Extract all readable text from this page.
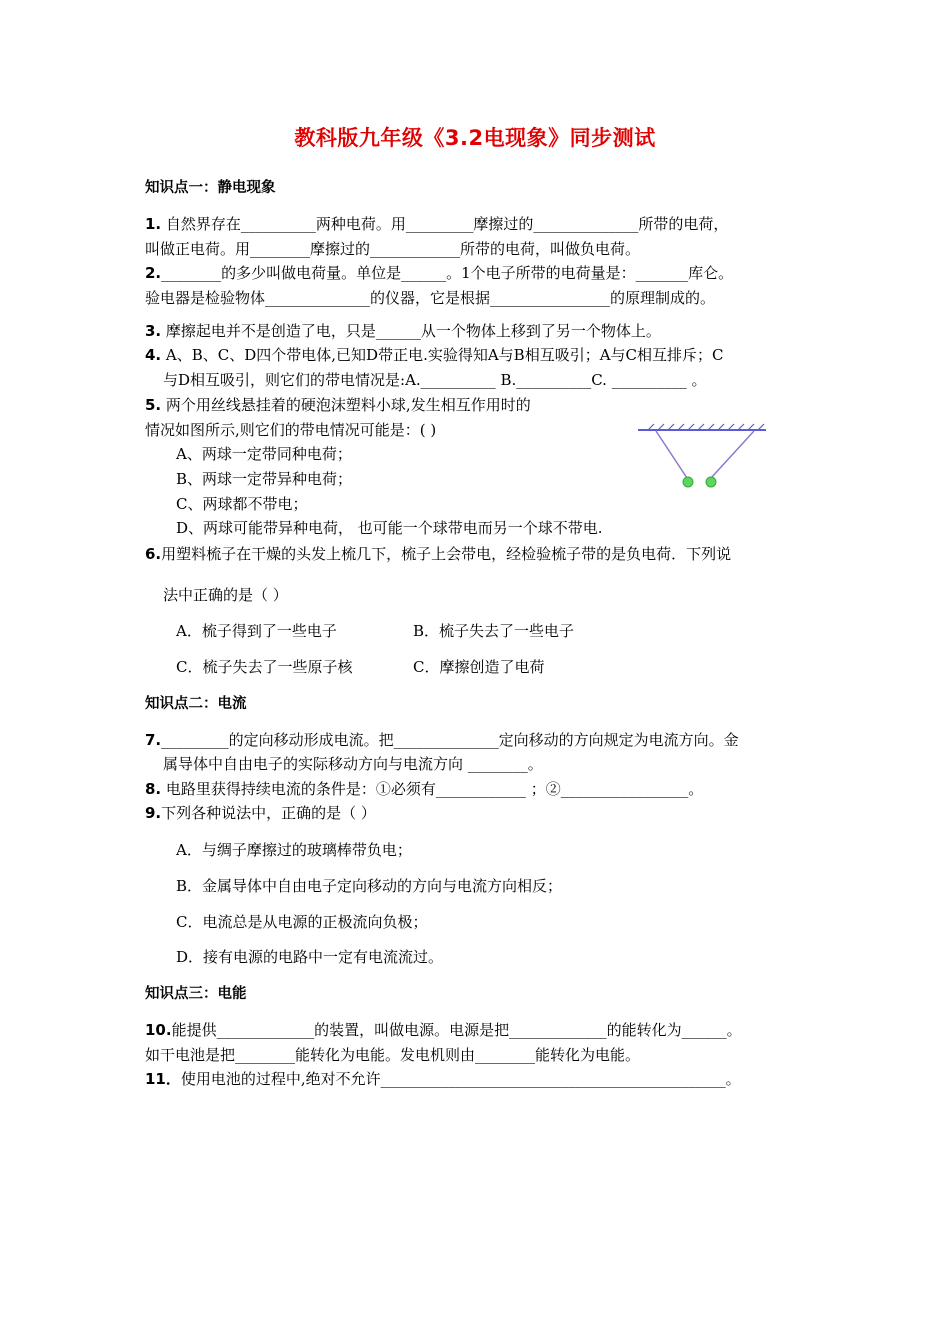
教科版九年级《3.2电现象》同步测试
知识点一：静电现象
1. 自然界存在__________两种电荷。用_________摩擦过的______________所带的电荷，
叫做正电荷。用________摩擦过的____________所带的电荷，叫做负电荷。
2.________的多少叫做电荷量。单位是______。1个电子所带的电荷量是：_______库仑。
验电器是检验物体______________的仪器，它是根据________________的原理制成的。
3. 摩擦起电并不是创造了电，只是______从一个物体上移到了另一个物体上。
4. A、B、C、D四个带电体,已知D带正电.实验得知A与B相互吸引；A与C相互排斥；C
与D相互吸引，则它们的带电情况是:A.__________ B.__________C. __________ 。
5. 两个用丝线悬挂着的硬泡沫塑料小球,发生相互作用时的
情况如图所示,则它们的带电情况可能是：( )
A、两球一定带同种电荷；
B、两球一定带异种电荷；
C、两球都不带电；
D、两球可能带异种电荷， 也可能一个球带电而另一个球不带电.
6.用塑料梳子在干燥的头发上梳几下，梳子上会带电，经检验梳子带的是负电荷．下列说
法中正确的是（ ）
A．梳子得到了一些电子	B．梳子失去了一些电子
C．梳子失去了一些原子核	C．摩擦创造了电荷
知识点二：电流
7._________的定向移动形成电流。把______________定向移动的方向规定为电流方向。金
属导体中自由电子的实际移动方向与电流方向 ________。
8. 电路里获得持续电流的条件是：①必须有____________ ；②_________________。
9.下列各种说法中，正确的是（ ）
A．与绸子摩擦过的玻璃棒带负电；
B．金属导体中自由电子定向移动的方向与电流方向相反；
C．电流总是从电源的正极流向负极；
D．接有电源的电路中一定有电流流过。
知识点三：电能
10.能提供_____________的装置，叫做电源。电源是把_____________的能转化为______。
如干电池是把________能转化为电能。发电机则由________能转化为电能。
11．使用电池的过程中,绝对不允许______________________________________________。
